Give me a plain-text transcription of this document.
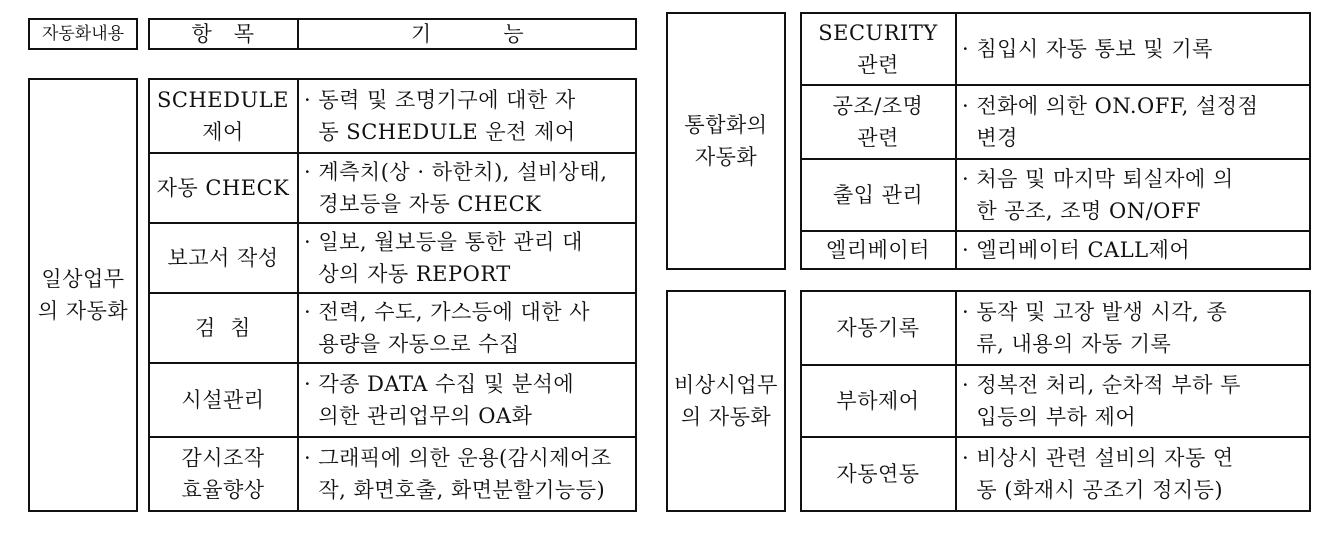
자동화내용	항   목	기          능
일상업무
의 자동화
SCHEDULE
제어
· 동력 및 조명기구에 대한 자
동 SCHEDULE 운전 제어
자동 CHECK
· 계측치(상 · 하한치), 설비상태,
경보등을 자동 CHECK
보고서 작성
· 일보, 월보등을 통한 관리 대
상의 자동 REPORT
검  침
· 전력, 수도, 가스등에 대한 사
용량을 자동으로 수집
시설관리
· 각종 DATA 수집 및 분석에
의한 관리업무의 OA화
감시조작
효율향상
· 그래픽에 의한 운용(감시제어조
작, 화면호출, 화면분할기능등)
통합화의
자동화
SECURITY
관련
· 침입시 자동 통보 및 기록
공조/조명
관련
· 전화에 의한 ON.OFF, 설정점
변경
출입 관리
· 처음 및 마지막 퇴실자에 의
한 공조, 조명 ON/OFF
엘리베이터 · 엘리베이터 CALL제어
비상시업무
의 자동화
자동기록
· 동작 및 고장 발생 시각, 종
류, 내용의 자동 기록
부하제어
· 정복전 처리, 순차적 부하 투
입등의 부하 제어
자동연동
· 비상시 관련 설비의 자동 연
동 (화재시 공조기 정지등)
